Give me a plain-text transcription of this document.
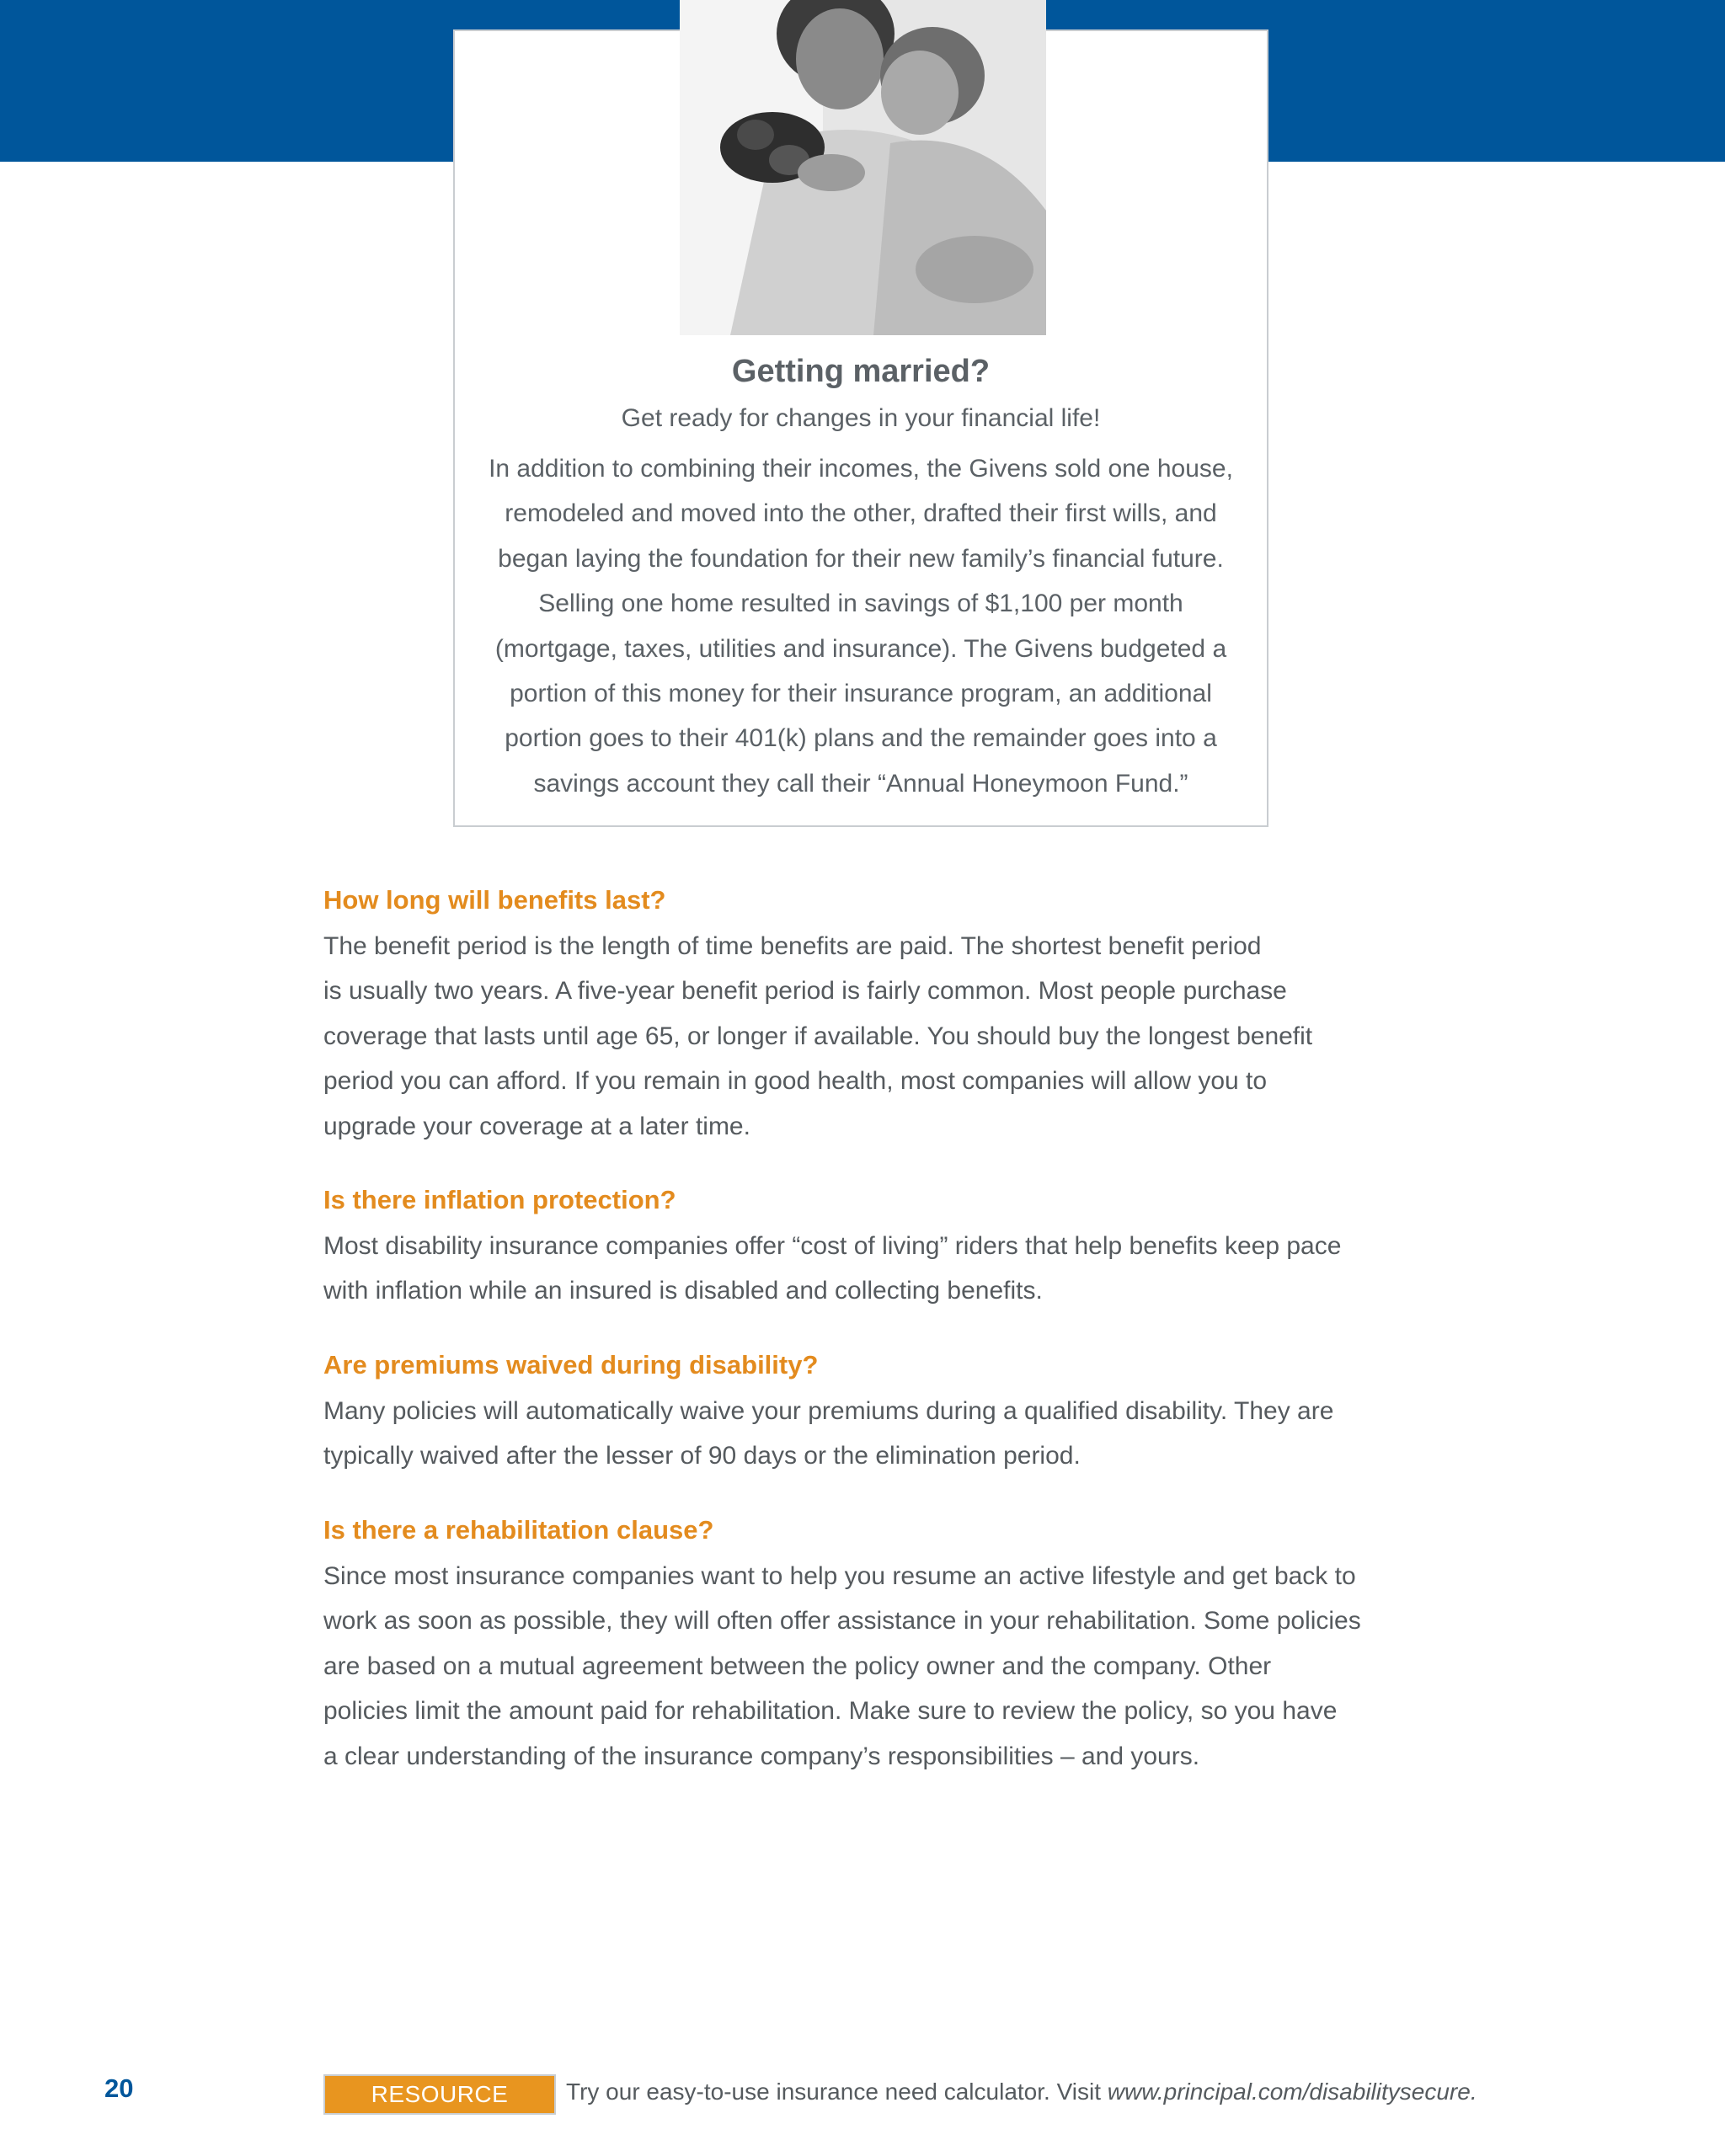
Getting married?

Get ready for changes in your financial life!

In addition to combining their incomes, the Givens sold one house,
remodeled and moved into the other, drafted their first wills, and
began laying the foundation for their new family’s financial future.
Selling one home resulted in savings of $1,100 per month
(mortgage, taxes, utilities and insurance). The Givens budgeted a
portion of this money for their insurance program, an additional
portion goes to their 401(k) plans and the remainder goes into a
savings account they call their “Annual Honeymoon Fund.”
How long will benefits last?

The benefit period is the length of time benefits are paid. The shortest benefit period
is usually two years. A five-year benefit period is fairly common. Most people purchase
coverage that lasts until age 65, or longer if available. You should buy the longest benefit
period you can afford. If you remain in good health, most companies will allow you to
upgrade your coverage at a later time.

Is there inflation protection?

Most disability insurance companies offer “cost of living” riders that help benefits keep pace
with inflation while an insured is disabled and collecting benefits.

Are premiums waived during disability?

Many policies will automatically waive your premiums during a qualified disability. They are
typically waived after the lesser of 90 days or the elimination period.

Is there a rehabilitation clause?

Since most insurance companies want to help you resume an active lifestyle and get back to
work as soon as possible, they will often offer assistance in your rehabilitation. Some policies
are based on a mutual agreement between the policy owner and the company. Other
policies limit the amount paid for rehabilitation. Make sure to review the policy, so you have
a clear understanding of the insurance company’s responsibilities – and yours.

20	RESOURCE	Try our easy-to-use insurance need calculator. Visit www.principal.com/disabilitysecure.
